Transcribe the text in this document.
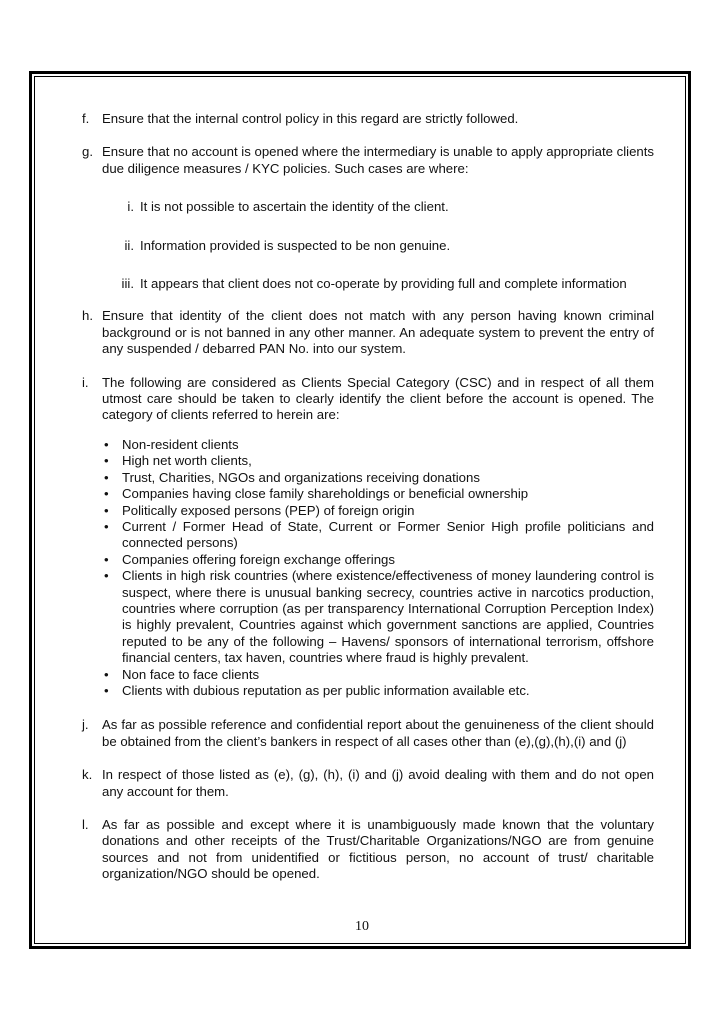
f. Ensure that the internal control policy in this regard are strictly followed.
g. Ensure that no account is opened where the intermediary is unable to apply appropriate clients due diligence measures / KYC policies. Such cases are where:
i. It is not possible to ascertain the identity of the client.
ii. Information provided is suspected to be non genuine.
iii. It appears that client does not co-operate by providing full and complete information
h. Ensure that identity of the client does not match with any person having known criminal background or is not banned in any other manner. An adequate system to prevent the entry of any suspended / debarred PAN No. into our system.
i. The following are considered as Clients Special Category (CSC) and in respect of all them utmost care should be taken to clearly identify the client before the account is opened. The category of clients referred to herein are:
• Non-resident clients
• High net worth clients,
• Trust, Charities, NGOs and organizations receiving donations
• Companies having close family shareholdings or beneficial ownership
• Politically exposed persons (PEP) of foreign origin
• Current / Former Head of State, Current or Former Senior High profile politicians and connected persons)
• Companies offering foreign exchange offerings
• Clients in high risk countries (where existence/effectiveness of money laundering control is suspect, where there is unusual banking secrecy, countries active in narcotics production, countries where corruption (as per transparency International Corruption Perception Index) is highly prevalent, Countries against which government sanctions are applied, Countries reputed to be any of the following – Havens/ sponsors of international terrorism, offshore financial centers, tax haven, countries where fraud is highly prevalent.
• Non face to face clients
• Clients with dubious reputation as per public information available etc.
j. As far as possible reference and confidential report about the genuineness of the client should be obtained from the client’s bankers in respect of all cases other than (e),(g),(h),(i) and (j)
k. In respect of those listed as (e), (g), (h), (i) and (j) avoid dealing with them and do not open any account for them.
l. As far as possible and except where it is unambiguously made known that the voluntary donations and other receipts of the Trust/Charitable Organizations/NGO are from genuine sources and not from unidentified or fictitious person, no account of trust/ charitable organization/NGO should be opened.
10
